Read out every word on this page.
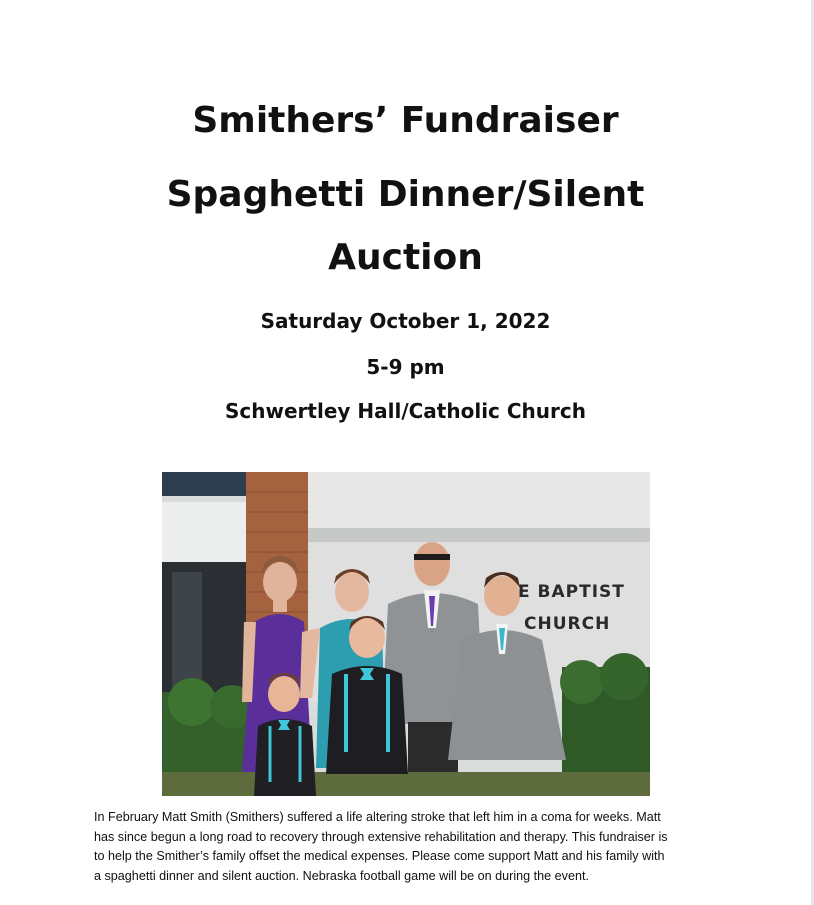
Smithers’ Fundraiser
Spaghetti Dinner/Silent
Auction
Saturday October 1, 2022
5-9 pm
Schwertley Hall/Catholic Church
E BAPTIST
CHURCH
In February Matt Smith (Smithers) suffered a life altering stroke that left him in a coma for weeks. Matt
has since begun a long road to recovery through extensive rehabilitation and therapy. This fundraiser is
to help the Smither’s family offset the medical expenses. Please come support Matt and his family with
a spaghetti dinner and silent auction. Nebraska football game will be on during the event.
